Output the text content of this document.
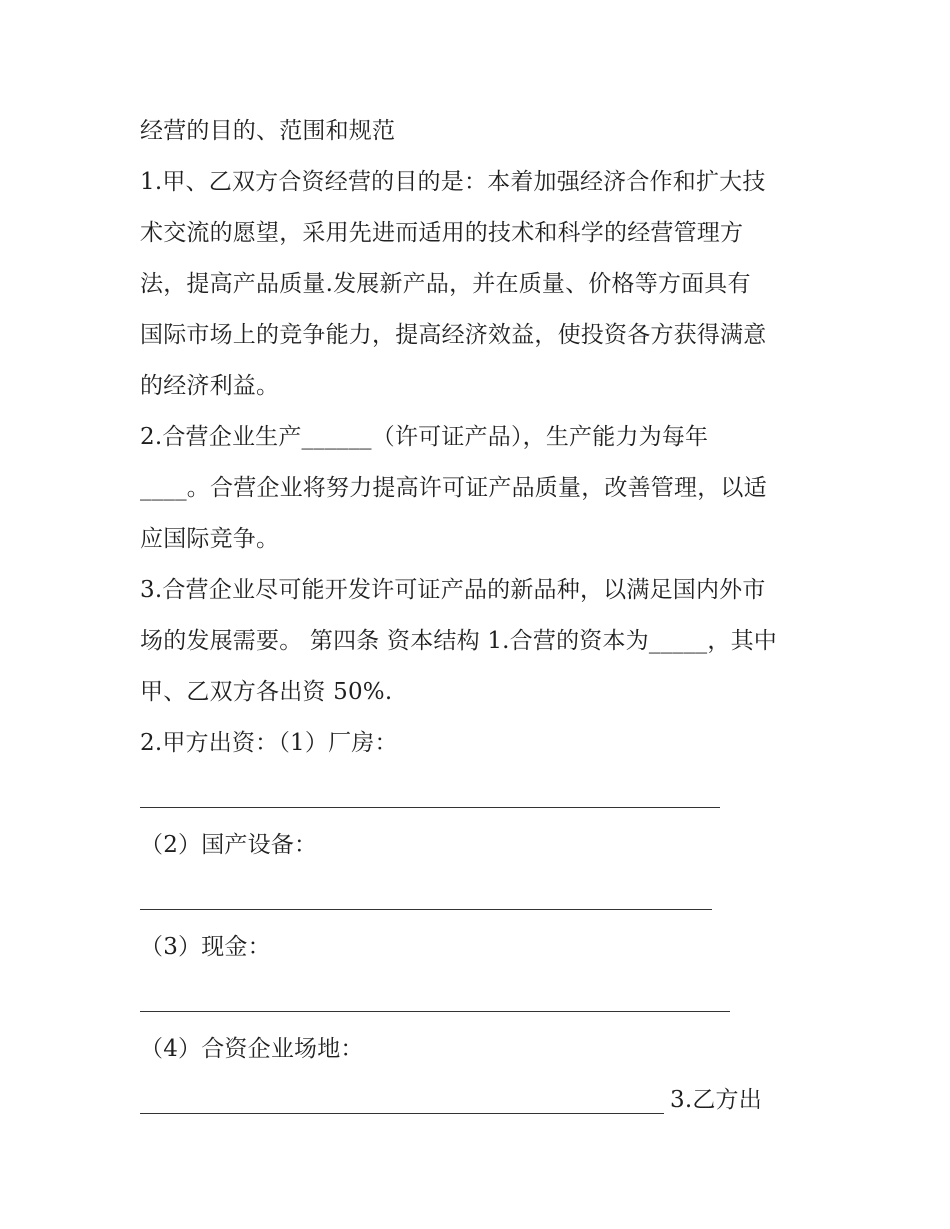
经营的目的、范围和规范
1.甲、乙双方合资经营的目的是：本着加强经济合作和扩大技
术交流的愿望，采用先进而适用的技术和科学的经营管理方
法，提高产品质量.发展新产品，并在质量、价格等方面具有
国际市场上的竞争能力，提高经济效益，使投资各方获得满意
的经济利益。
2.合营企业生产______（许可证产品），生产能力为每年
____。合营企业将努力提高许可证产品质量，改善管理，以适
应国际竞争。
3.合营企业尽可能开发许可证产品的新品种，以满足国内外市
场的发展需要。 第四条 资本结构 1.合营的资本为_____，其中
甲、乙双方各出资 50%.
2.甲方出资：（1）厂房：
（2）国产设备：
（3）现金：
（4）合资企业场地：
3.乙方出
